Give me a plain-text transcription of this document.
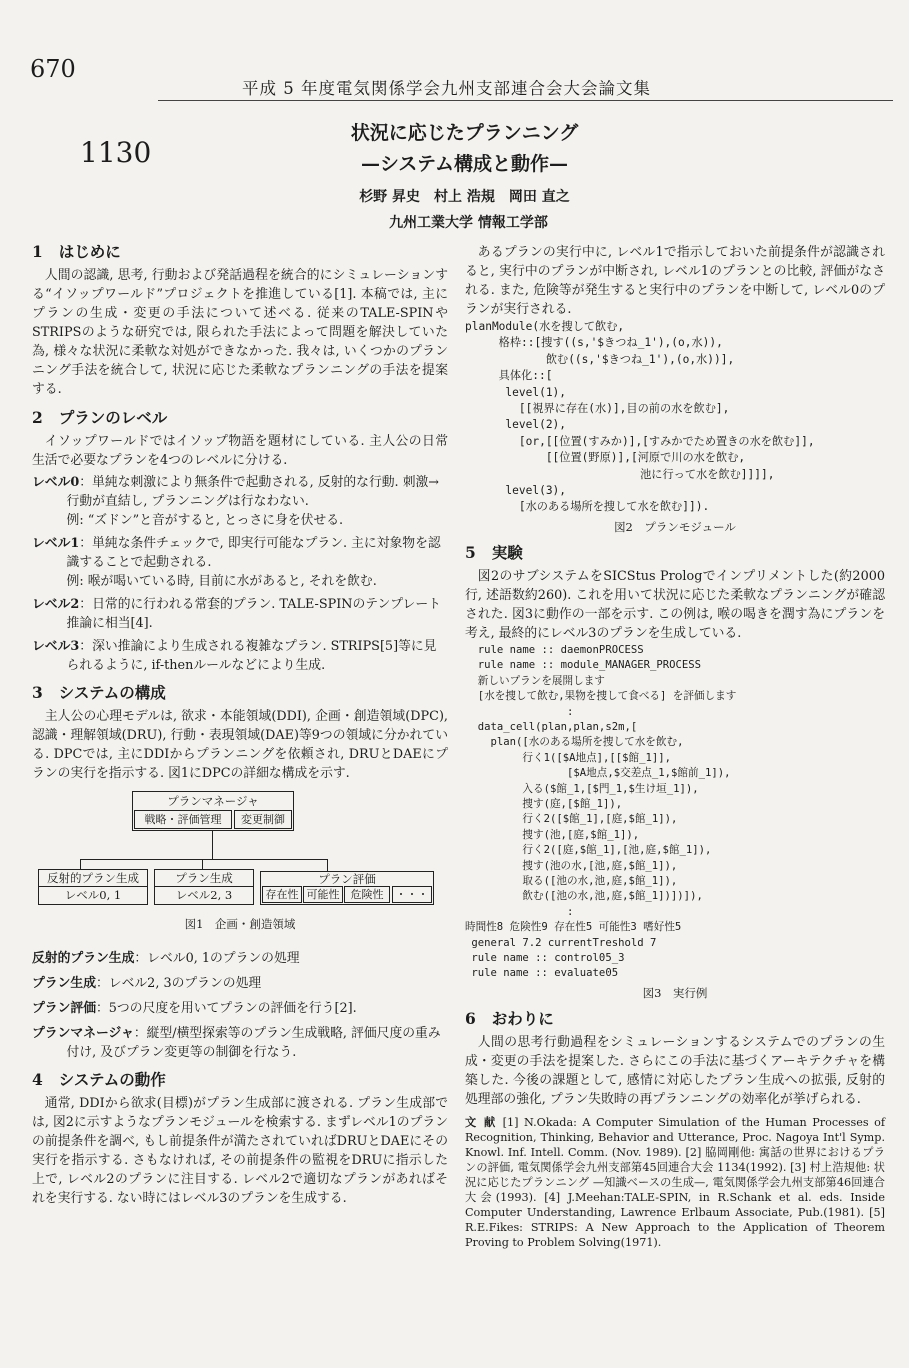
670
平成 5 年度電気関係学会九州支部連合会大会論文集
1130
状況に応じたプランニング
—システム構成と動作—
杉野 昇史　村上 浩規　岡田 直之
九州工業大学 情報工学部
1 はじめに

人間の認識, 思考, 行動および発話過程を統合的にシミュレーションする“イソップワールド”プロジェクトを推進している[1]. 本稿では, 主にプランの生成・変更の手法について述べる. 従来のTALE-SPINやSTRIPSのような研究では, 限られた手法によって問題を解決していた為, 様々な状況に柔軟な対処ができなかった. 我々は, いくつかのプランニング手法を統合して, 状況に応じた柔軟なプランニングの手法を提案する.

2 プランのレベル

イソップワールドではイソップ物語を題材にしている. 主人公の日常生活で必要なプランを4つのレベルに分ける.

レベル0：単純な刺激により無条件で起動される, 反射的な行動. 刺激→行動が直結し, プランニングは行なわない.
例: “ズドン”と音がすると, とっさに身を伏せる.
レベル1：単純な条件チェックで, 即実行可能なプラン. 主に対象物を認識することで起動される.
例: 喉が喝いている時, 目前に水があると, それを飲む.
レベル2：日常的に行われる常套的プラン. TALE-SPINのテンプレート推論に相当[4].
レベル3：深い推論により生成される複雑なプラン. STRIPS[5]等に見られるように, if-thenルールなどにより生成.
3 システムの構成

主人公の心理モデルは, 欲求・本能領域(DDI), 企画・創造領域(DPC), 認識・理解領域(DRU), 行動・表現領域(DAE)等9つの領域に分かれている. DPCでは, 主にDDIからプランニングを依頼され, DRUとDAEにプランの実行を指示する. 図1にDPCの詳細な構成を示す.

プランマネージャ
戦略・評価管理	変更制御
反射的プラン生成
レベル0, 1
プラン生成
レベル2, 3
プラン評価
存在性 可能性	危険性	・・・
図1　企画・創造領域
反射的プラン生成：レベル0, 1のプランの処理
プラン生成：レベル2, 3のプランの処理
プラン評価：5つの尺度を用いてプランの評価を行う[2].
プランマネージャ：縦型/横型探索等のプラン生成戦略, 評価尺度の重み付け, 及びプラン変更等の制御を行なう.
4 システムの動作

通常, DDIから欲求(目標)がプラン生成部に渡される. プラン生成部では, 図2に示すようなプランモジュールを検索する. まずレベル1のプランの前提条件を調べ, もし前提条件が満たされていればDRUとDAEにその実行を指示する. さもなければ, その前提条件の監視をDRUに指示した上で, レベル2のプランに注目する. レベル2で適切なプランがあればそれを実行する. ない時にはレベル3のプランを生成する.

あるプランの実行中に, レベル1で指示しておいた前提条件が認識されると, 実行中のプランが中断され, レベル1のプランとの比較, 評価がなされる. また, 危険等が発生すると実行中のプランを中断して, レベル0のプランが実行される.

planModule(水を捜して飲む,
格枠::[捜す((s,'$きつね_1'),(o,水)),
飲む((s,'$きつね_1'),(o,水))],
具体化::[
level(1),
[[視界に存在(水)],目の前の水を飲む],
level(2),
[or,[[位置(すみか)],[すみかでため置きの水を飲む]],
[[位置(野原)],[河原で川の水を飲む,
池に行って水を飲む]]]],
level(3),
[水のある場所を捜して水を飲む]]).
図2　プランモジュール
5 実験

図2のサブシステムをSICStus Prologでインプリメントした(約2000行, 述語数約260). これを用いて状況に応じた柔軟なプランニングが確認された. 図3に動作の一部を示す. この例は, 喉の喝きを潤す為にプランを考え, 最終的にレベル3のプランを生成している.

rule name :: daemonPROCESS
rule name :: module_MANAGER_PROCESS
新しいプランを展開します
[水を捜して飲む,果物を捜して食べる] を評価します
:
data_cell(plan,plan,s2m,[
plan([水のある場所を捜して水を飲む,
行く1([$A地点],[[$館_1]],
[$A地点,$交差点_1,$館前_1]),
入る($館_1,[$門_1,$生け垣_1]),
捜す(庭,[$館_1]),
行く2([$館_1],[庭,$館_1]),
捜す(池,[庭,$館_1]),
行く2([庭,$館_1],[池,庭,$館_1]),
捜す(池の水,[池,庭,$館_1]),
取る([池の水,池,庭,$館_1]),
飲む([池の水,池,庭,$館_1])])]),
:
時間性8 危険性9 存在性5 可能性3 嗜好性5
general 7.2 currentTreshold 7
rule name :: control05_3
rule name :: evaluate05
図3　実行例
6 おわりに

人間の思考行動過程をシミュレーションするシステムでのプランの生成・変更の手法を提案した. さらにこの手法に基づくアーキテクチャを構築した. 今後の課題として, 感情に対応したプラン生成への拡張, 反射的処理部の強化, プラン失敗時の再プランニングの効率化が挙げられる.

文 献 [1] N.Okada: A Computer Simulation of the Human Processes of Recognition, Thinking, Behavior and Utterance, Proc. Nagoya Int'l Symp. Knowl. Inf. Intell. Comm. (Nov. 1989). [2] 脇岡剛他: 寓話の世界におけるプランの評価, 電気関係学会九州支部第45回連合大会 1134(1992). [3] 村上浩規他: 状況に応じたプランニング —知識ベースの生成—, 電気関係学会九州支部第46回連合大会(1993). [4] J.Meehan:TALE-SPIN, in R.Schank et al. eds. Inside Computer Understanding, Lawrence Erlbaum Associate, Pub.(1981). [5] R.E.Fikes: STRIPS: A New Approach to the Application of Theorem Proving to Problem Solving(1971).
